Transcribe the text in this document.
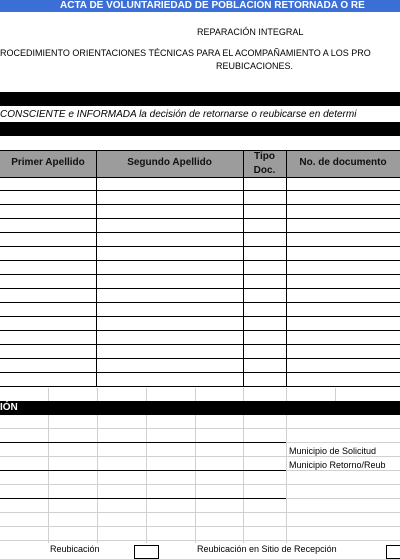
ACTA DE VOLUNTARIEDAD DE POBLACIÓN RETORNADA O RE
REPARACIÓN INTEGRAL
ROCEDIMIENTO ORIENTACIONES TÉCNICAS PARA EL ACOMPAÑAMIENTO A LOS PRO
REUBICACIONES.
CONSCIENTE e INFORMADA la decisión de retornarse o reubicarse en determi
Primer Apellido	Segundo Apellido
Tipo
Doc.
No. de documento
IÓN
Municipio de Solicitud
Municipio Retorno/Reub
Reubicación	Reubicación en Sitio de Recepción
